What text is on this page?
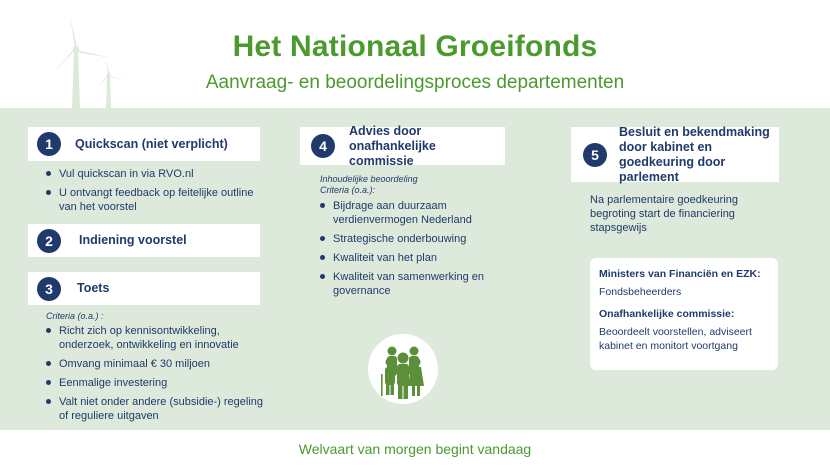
Het Nationaal Groeifonds
Aanvraag- en beoordelingsproces departementen
1	Quickscan (niet verplicht)
Vul quickscan in via RVO.nl
U ontvangt feedback op feitelijke outline van het voorstel
2	Indiening voorstel
3	Toets
Criteria (o.a.) :
Richt zich op kennisontwikkeling, onderzoek, ontwikkeling en innovatie
Omvang minimaal € 30 miljoen
Eenmalige investering
Valt niet onder andere (subsidie-) regeling of reguliere uitgaven
4
Advies door onafhankelijke commissie
Inhoudelijke beoordeling
Criteria (o.a.):
Bijdrage aan duurzaam verdienvermogen Nederland
Strategische onderbouwing
Kwaliteit van het plan
Kwaliteit van samenwerking en governance
5
Besluit en bekendmaking door kabinet en goedkeuring door parlement
Na parlementaire goedkeuring begroting start de financiering stapsgewijs
Ministers van Financiën en EZK:
Fondsbeheerders
Onafhankelijke commissie:
Beoordeelt voorstellen, adviseert kabinet en monitort voortgang
Welvaart van morgen begint vandaag
